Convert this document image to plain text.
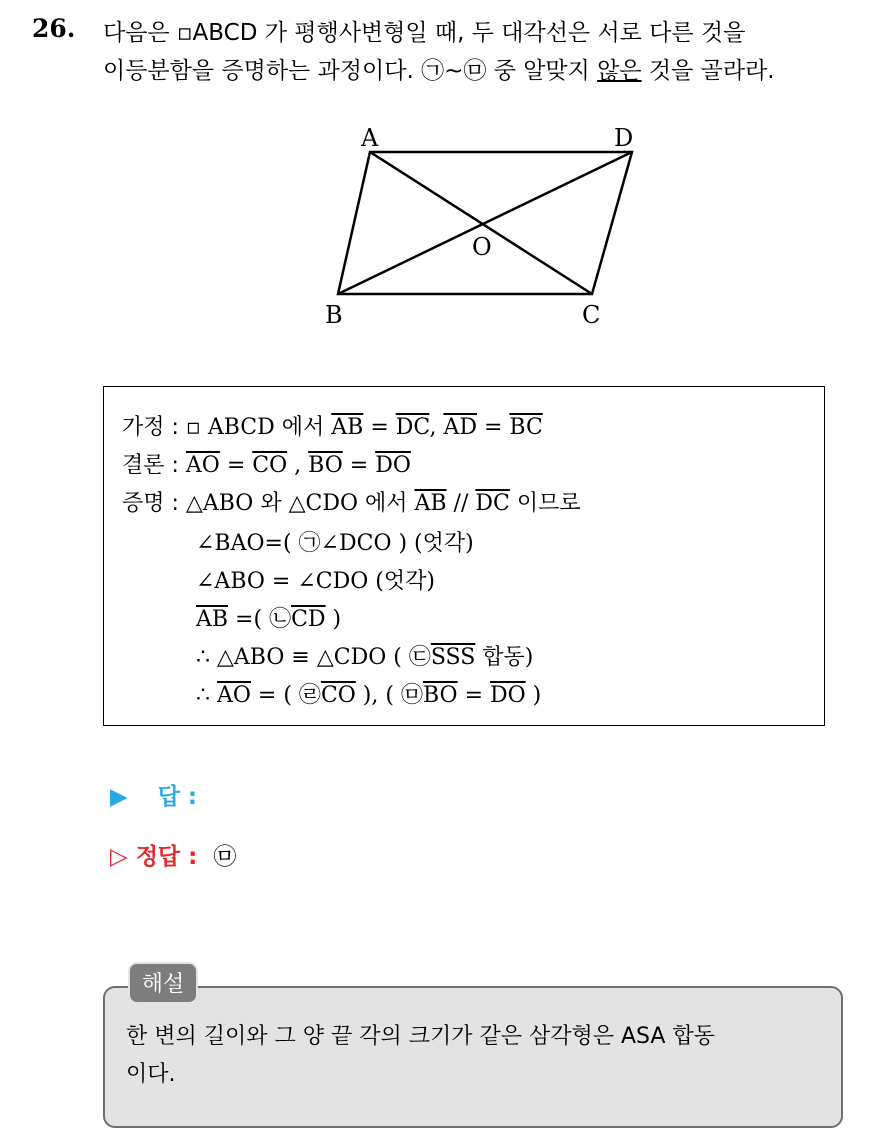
26. 다음은 ▫ABCD 가 평행사변형일 때, 두 대각선은 서로 다른 것을
이등분함을 증명하는 과정이다. ㉠~㉤ 중 알맞지 않은 것을 골라라.
A	D
O
B	C
가정 : ▫ ABCD 에서 $\overline{AB} = \overline{DC}$, $\overline{AD} = \overline{BC}$
결론 : $\overline{AO} = \overline{CO}$ , $\overline{BO} = \overline{DO}$
증명 : △ABO 와 △CDO 에서 $\overline{AB} // \overline{DC}$ 이므로
∠BAO=( ㉠∠DCO ) (엇각)
∠ABO = ∠CDO (엇각)
$\overline{AB}$ =( $㉡\overline{CD}$ )
∴ △ABO ≡ △CDO ( $㉢\overline{SSS}$ 합동)
∴ $\overline{AO}$ = ( $㉣\overline{CO}$ ), ( $㉤\overline{BO} = \overline{DO}$ )
▶ 답 :
▷ 정답 : ㉤
해설
한 변의 길이와 그 양 끝 각의 크기가 같은 삼각형은 ASA 합동
이다.
